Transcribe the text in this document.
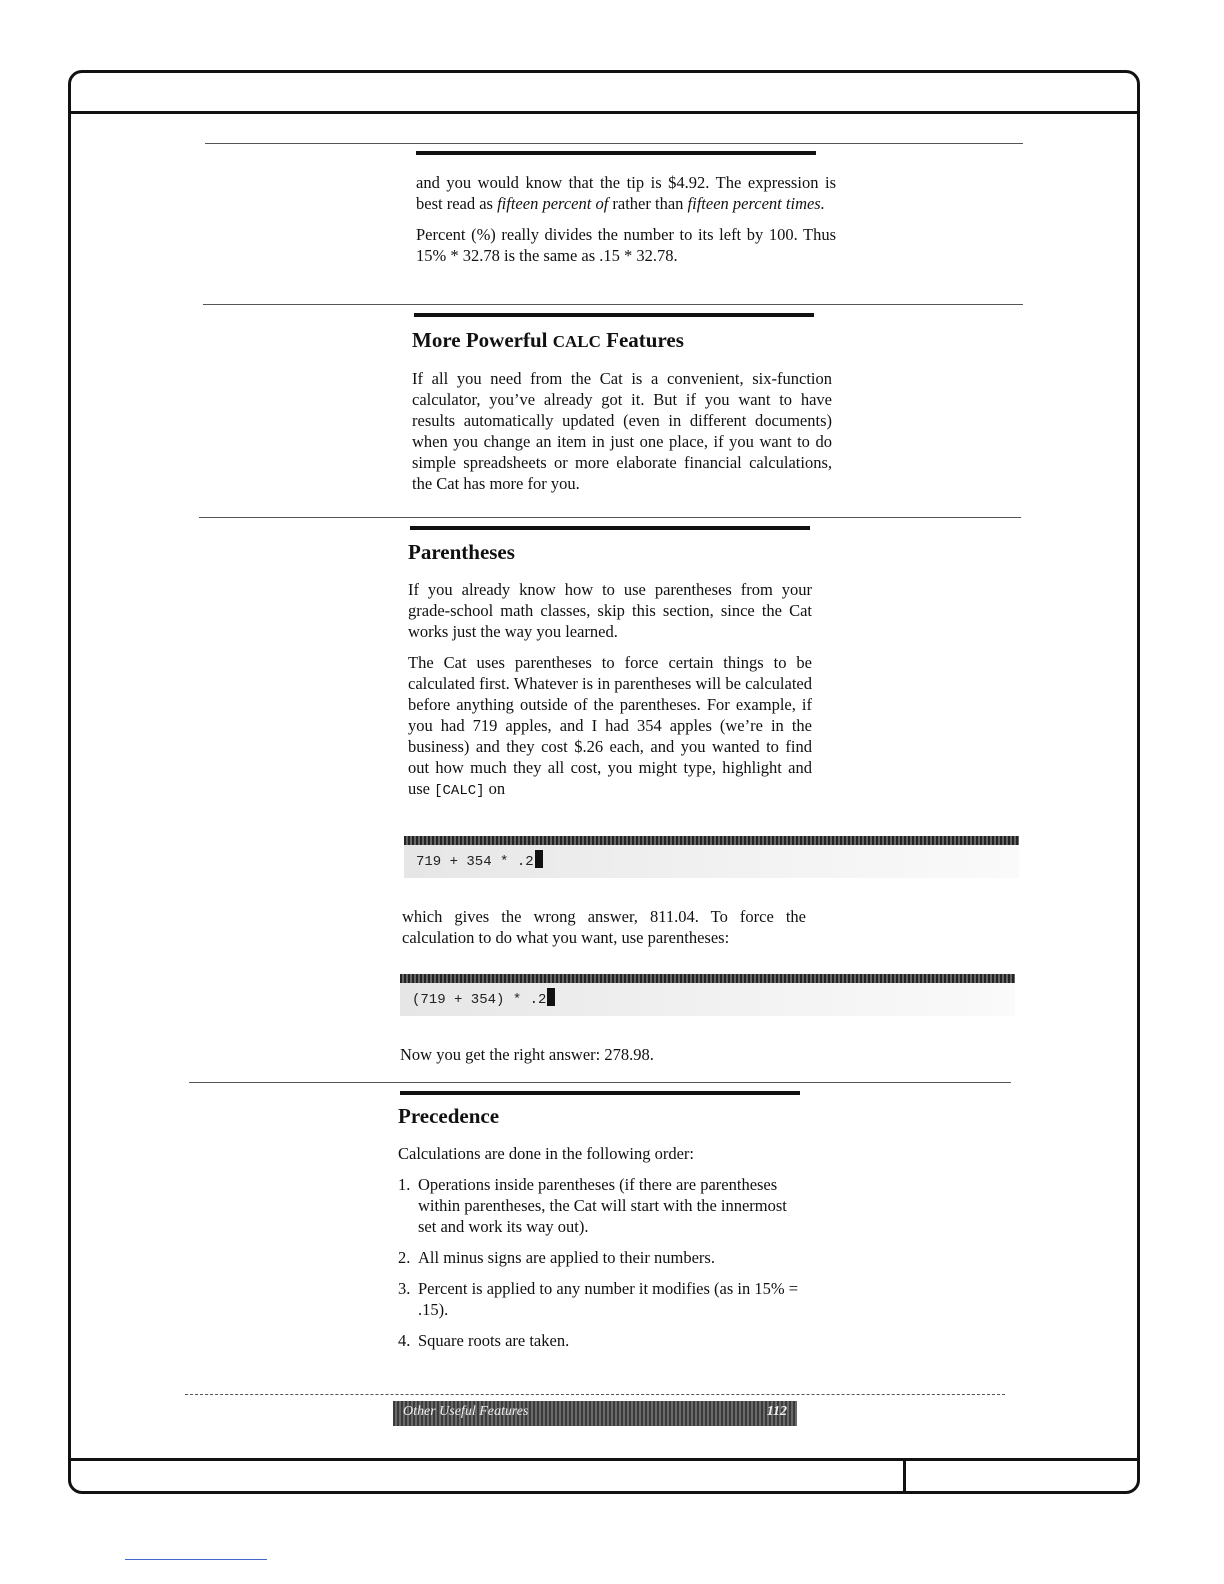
and you would know that the tip is $4.92. The expression is best read as fifteen percent of rather than fifteen percent times.

Percent (%) really divides the number to its left by 100. Thus 15% * 32.78 is the same as .15 * 32.78.

More Powerful CALC Features

If all you need from the Cat is a convenient, six-function calculator, you’ve already got it. But if you want to have results automatically updated (even in different documents) when you change an item in just one place, if you want to do simple spreadsheets or more elaborate financial calculations, the Cat has more for you.

Parentheses

If you already know how to use parentheses from your grade-school math classes, skip this section, since the Cat works just the way you learned.

The Cat uses parentheses to force certain things to be calculated first. Whatever is in parentheses will be calculated before anything outside of the parentheses. For example, if you had 719 apples, and I had 354 apples (we’re in the business) and they cost $.26 each, and you wanted to find out how much they all cost, you might type, highlight and use [CALC] on

719 + 354 * .2

which gives the wrong answer, 811.04. To force the calculation to do what you want, use parentheses:

(719 + 354) * .2

Now you get the right answer: 278.98.

Precedence

Calculations are done in the following order:

1. Operations inside parentheses (if there are parentheses within parentheses, the Cat will start with the innermost set and work its way out).
2. All minus signs are applied to their numbers.
3. Percent is applied to any number it modifies (as in 15% = .15).
4. Square roots are taken.
Other Useful Features	112
